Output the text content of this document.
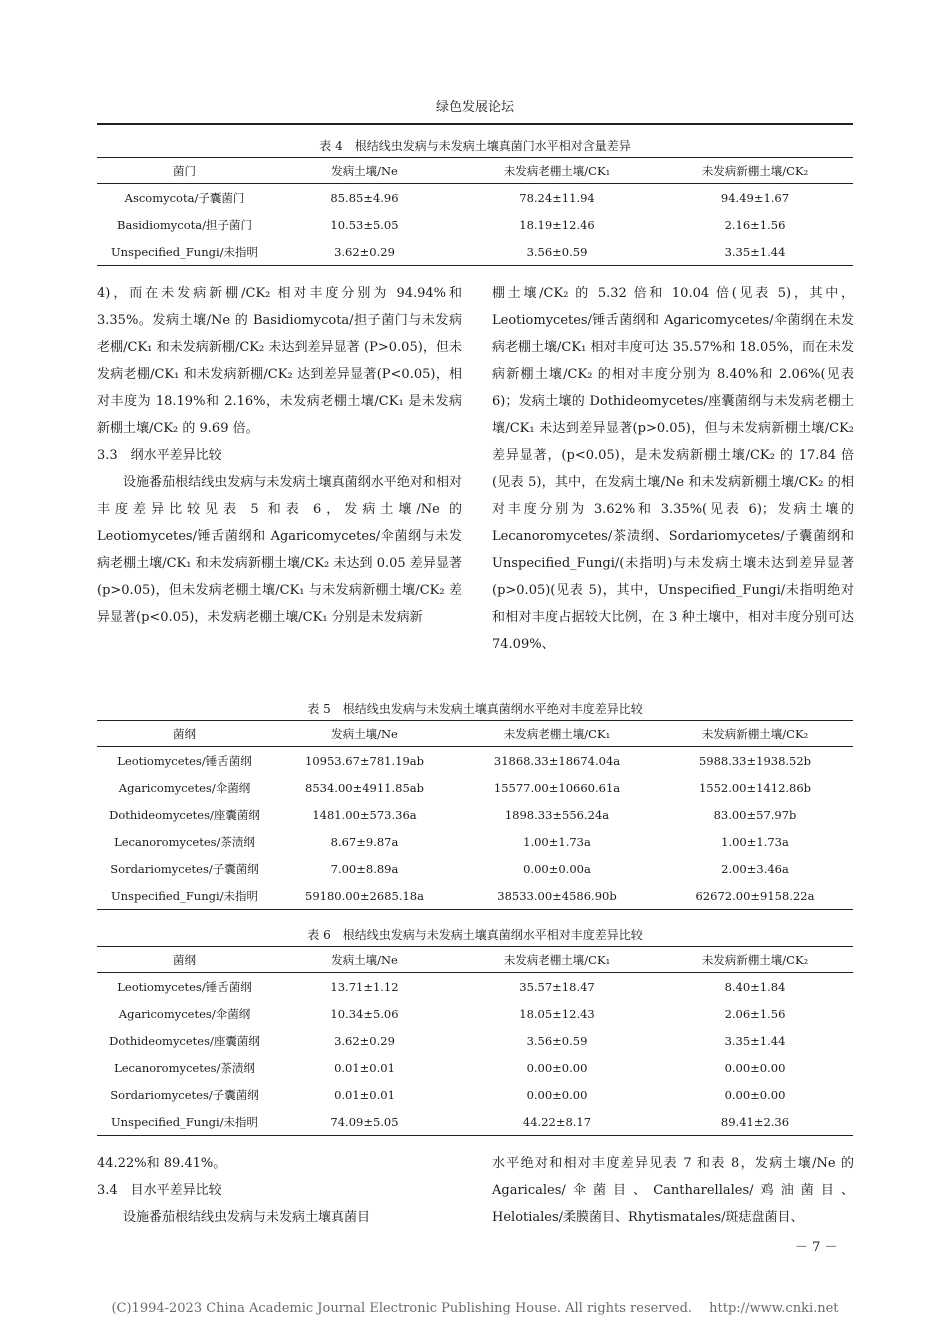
绿色发展论坛
表 4　根结线虫发病与未发病土壤真菌门水平相对含量差异
菌门	发病土壤/Ne	未发病老棚土壤/CK₁	未发病新棚土壤/CK₂
Ascomycota/子囊菌门	85.85±4.96	78.24±11.94	94.49±1.67
Basidiomycota/担子菌门	10.53±5.05	18.19±12.46	2.16±1.56
Unspecified_Fungi/未指明	3.62±0.29	3.56±0.59	3.35±1.44

4)，而在未发病新棚/CK₂ 相对丰度分别为 94.94%和 3.35%。发病土壤/Ne 的 Basidiomycota/担子菌门与未发病老棚/CK₁ 和未发病新棚/CK₂ 未达到差异显著 (P>0.05)，但未发病老棚/CK₁ 和未发病新棚/CK₂ 达到差异显著(P<0.05)，相对丰度为 18.19%和 2.16%，未发病老棚土壤/CK₁ 是未发病新棚土壤/CK₂ 的 9.69 倍。

3.3　纲水平差异比较

设施番茄根结线虫发病与未发病土壤真菌纲水平绝对和相对丰度差异比较见表 5 和表 6，发病土壤/Ne 的 Leotiomycetes/锤舌菌纲和 Agaricomycetes/伞菌纲与未发病老棚土壤/CK₁ 和未发病新棚土壤/CK₂ 未达到 0.05 差异显著(p>0.05)，但未发病老棚土壤/CK₁ 与未发病新棚土壤/CK₂ 差异显著(p<0.05)，未发病老棚土壤/CK₁ 分别是未发病新

棚土壤/CK₂ 的 5.32 倍和 10.04 倍(见表 5)，其中，Leotiomycetes/锤舌菌纲和 Agaricomycetes/伞菌纲在未发病老棚土壤/CK₁ 相对丰度可达 35.57%和 18.05%，而在未发病新棚土壤/CK₂ 的相对丰度分别为 8.40%和 2.06%(见表 6)；发病土壤的 Dothideomycetes/座囊菌纲与未发病老棚土壤/CK₁ 未达到差异显著(p>0.05)，但与未发病新棚土壤/CK₂ 差异显著，(p<0.05)，是未发病新棚土壤/CK₂ 的 17.84 倍(见表 5)，其中，在发病土壤/Ne 和未发病新棚土壤/CK₂ 的相对丰度分别为 3.62%和 3.35%(见表 6)；发病土壤的 Lecanoromycetes/茶渍纲、Sordariomycetes/子囊菌纲和 Unspecified_Fungi/(未指明)与未发病土壤未达到差异显著(p>0.05)(见表 5)，其中，Unspecified_Fungi/未指明绝对和相对丰度占据较大比例，在 3 种土壤中，相对丰度分别可达74.09%、

表 5　根结线虫发病与未发病土壤真菌纲水平绝对丰度差异比较
菌纲	发病土壤/Ne	未发病老棚土壤/CK₁	未发病新棚土壤/CK₂
Leotiomycetes/锤舌菌纲	10953.67±781.19ab	31868.33±18674.04a	5988.33±1938.52b
Agaricomycetes/伞菌纲	8534.00±4911.85ab	15577.00±10660.61a	1552.00±1412.86b
Dothideomycetes/座囊菌纲	1481.00±573.36a	1898.33±556.24a	83.00±57.97b
Lecanoromycetes/茶渍纲	8.67±9.87a	1.00±1.73a	1.00±1.73a
Sordariomycetes/子囊菌纲	7.00±8.89a	0.00±0.00a	2.00±3.46a
Unspecified_Fungi/未指明	59180.00±2685.18a	38533.00±4586.90b	62672.00±9158.22a
表 6　根结线虫发病与未发病土壤真菌纲水平相对丰度差异比较
菌纲	发病土壤/Ne	未发病老棚土壤/CK₁	未发病新棚土壤/CK₂
Leotiomycetes/锤舌菌纲	13.71±1.12	35.57±18.47	8.40±1.84
Agaricomycetes/伞菌纲	10.34±5.06	18.05±12.43	2.06±1.56
Dothideomycetes/座囊菌纲	3.62±0.29	3.56±0.59	3.35±1.44
Lecanoromycetes/茶渍纲	0.01±0.01	0.00±0.00	0.00±0.00
Sordariomycetes/子囊菌纲	0.01±0.01	0.00±0.00	0.00±0.00
Unspecified_Fungi/未指明	74.09±5.05	44.22±8.17	89.41±2.36

44.22%和 89.41%。

3.4　目水平差异比较

设施番茄根结线虫发病与未发病土壤真菌目

水平绝对和相对丰度差异见表 7 和表 8，发病土壤/Ne 的 Agaricales/伞菌目、Cantharellales/鸡油菌目、Helotiales/柔膜菌目、Rhytismatales/斑痣盘菌目、

－ 7 －
(C)1994-2023 China Academic Journal Electronic Publishing House. All rights reserved.　 http://www.cnki.net
